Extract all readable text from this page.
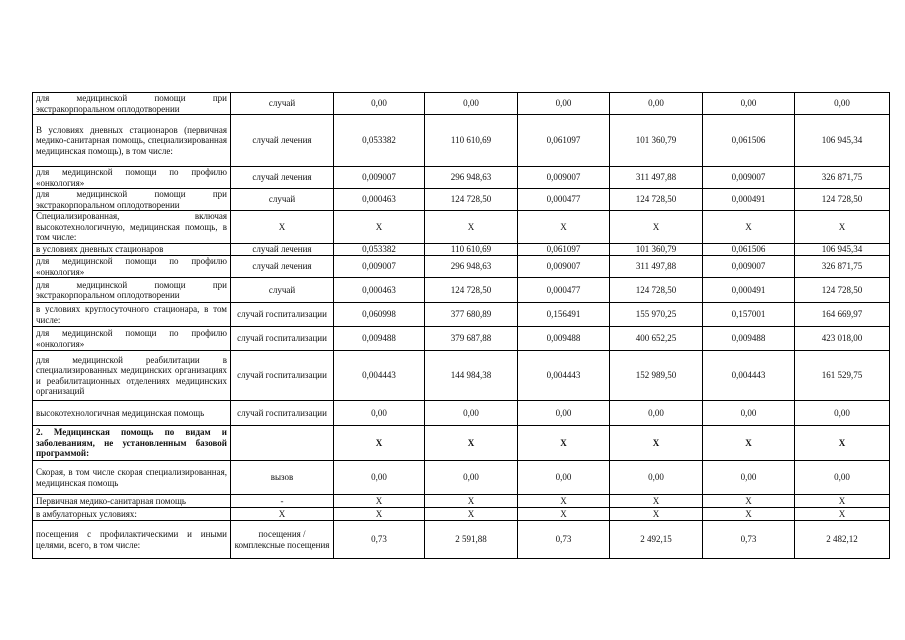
для медицинской помощи при экстракорпоральном оплодотворении	случай	0,00	0,00	0,00	0,00	0,00	0,00
В условиях дневных стационаров (первичная медико-санитарная помощь, специализированная медицинская помощь), в том числе:	случай лечения	0,053382	110 610,69	0,061097	101 360,79	0,061506	106 945,34
для медицинской помощи по профилю «онкология»	случай лечения	0,009007	296 948,63	0,009007	311 497,88	0,009007	326 871,75
для медицинской помощи при экстракорпоральном оплодотворении	случай	0,000463	124 728,50	0,000477	124 728,50	0,000491	124 728,50
Специализированная, включая высокотехнологичную, медицинская помощь, в том числе:	Х	Х	Х	Х	Х	Х	Х
в условиях дневных стационаров	случай лечения	0,053382	110 610,69	0,061097	101 360,79	0,061506	106 945,34
для медицинской помощи по профилю «онкология»	случай лечения	0,009007	296 948,63	0,009007	311 497,88	0,009007	326 871,75
для медицинской помощи при экстракорпоральном оплодотворении	случай	0,000463	124 728,50	0,000477	124 728,50	0,000491	124 728,50
в условиях круглосуточного стационара, в том числе:	случай госпитализации	0,060998	377 680,89	0,156491	155 970,25	0,157001	164 669,97
для медицинской помощи по профилю «онкология»	случай госпитализации	0,009488	379 687,88	0,009488	400 652,25	0,009488	423 018,00
для медицинской реабилитации в специализированных медицинских организациях и реабилитационных отделениях медицинских организаций	случай госпитализации	0,004443	144 984,38	0,004443	152 989,50	0,004443	161 529,75
высокотехнологичная медицинская помощь	случай госпитализации	0,00	0,00	0,00	0,00	0,00	0,00
2. Медицинская помощь по видам и заболеваниям, не установленным базовой программой:		Х	Х	Х	Х	Х	Х
Скорая, в том числе скорая специализированная, медицинская помощь	вызов	0,00	0,00	0,00	0,00	0,00	0,00
Первичная медико-санитарная помощь	-	Х	Х	Х	Х	Х	Х
в амбулаторных условиях:	Х	Х	Х	Х	Х	Х	Х
посещения с профилактическими и иными целями, всего, в том числе:	посещения / комплексные посещения	0,73	2 591,88	0,73	2 492,15	0,73	2 482,12
